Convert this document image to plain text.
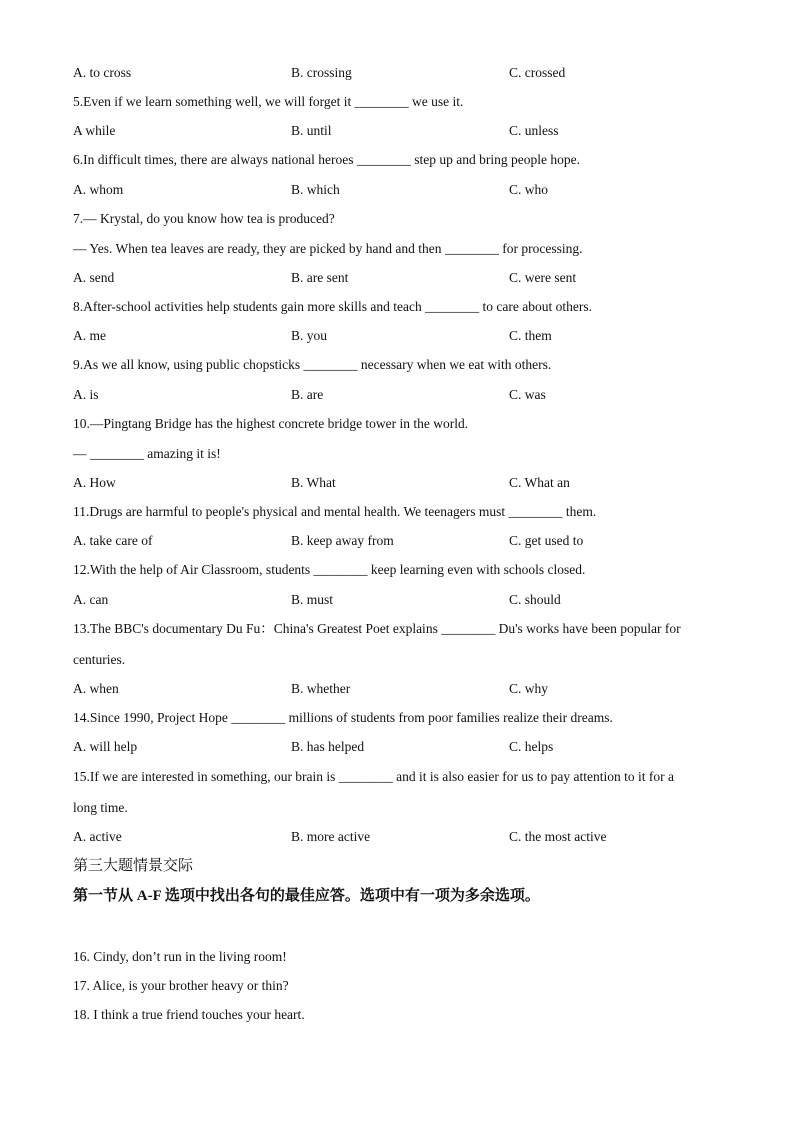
A. to cross	B. crossing	C. crossed
5.Even if we learn something well, we will forget it ________ we use it.
A while	B. until	C. unless
6.In difficult times, there are always national heroes ________ step up and bring people hope.
A. whom	B. which	C. who
7.— Krystal, do you know how tea is produced?
— Yes. When tea leaves are ready, they are picked by hand and then ________ for processing.
A. send	B. are sent	C. were sent
8.After-school activities help students gain more skills and teach ________ to care about others.
A. me	B. you	C. them
9.As we all know, using public chopsticks ________ necessary when we eat with others.
A. is	B. are	C. was
10.—Pingtang Bridge has the highest concrete bridge tower in the world.
— ________ amazing it is!
A. How	B. What	C. What an
11.Drugs are harmful to people's physical and mental health. We teenagers must ________ them.
A. take care of	B. keep away from	C. get used to
12.With the help of Air Classroom, students ________ keep learning even with schools closed.
A. can	B. must	C. should
13.The BBC's documentary Du Fu：China's Greatest Poet explains ________ Du's works have been popular for
centuries.
A. when	B. whether	C. why
14.Since 1990, Project Hope ________ millions of students from poor families realize their dreams.
A. will help	B. has helped	C. helps
15.If we are interested in something, our brain is ________ and it is also easier for us to pay attention to it for a
long time.
A. active	B. more active	C. the most active
第三大题情景交际
第一节从 A-F 选项中找出各句的最佳应答。选项中有一项为多余选项。
16. Cindy, don’t run in the living room!
17. Alice, is your brother heavy or thin?
18. I think a true friend touches your heart.
